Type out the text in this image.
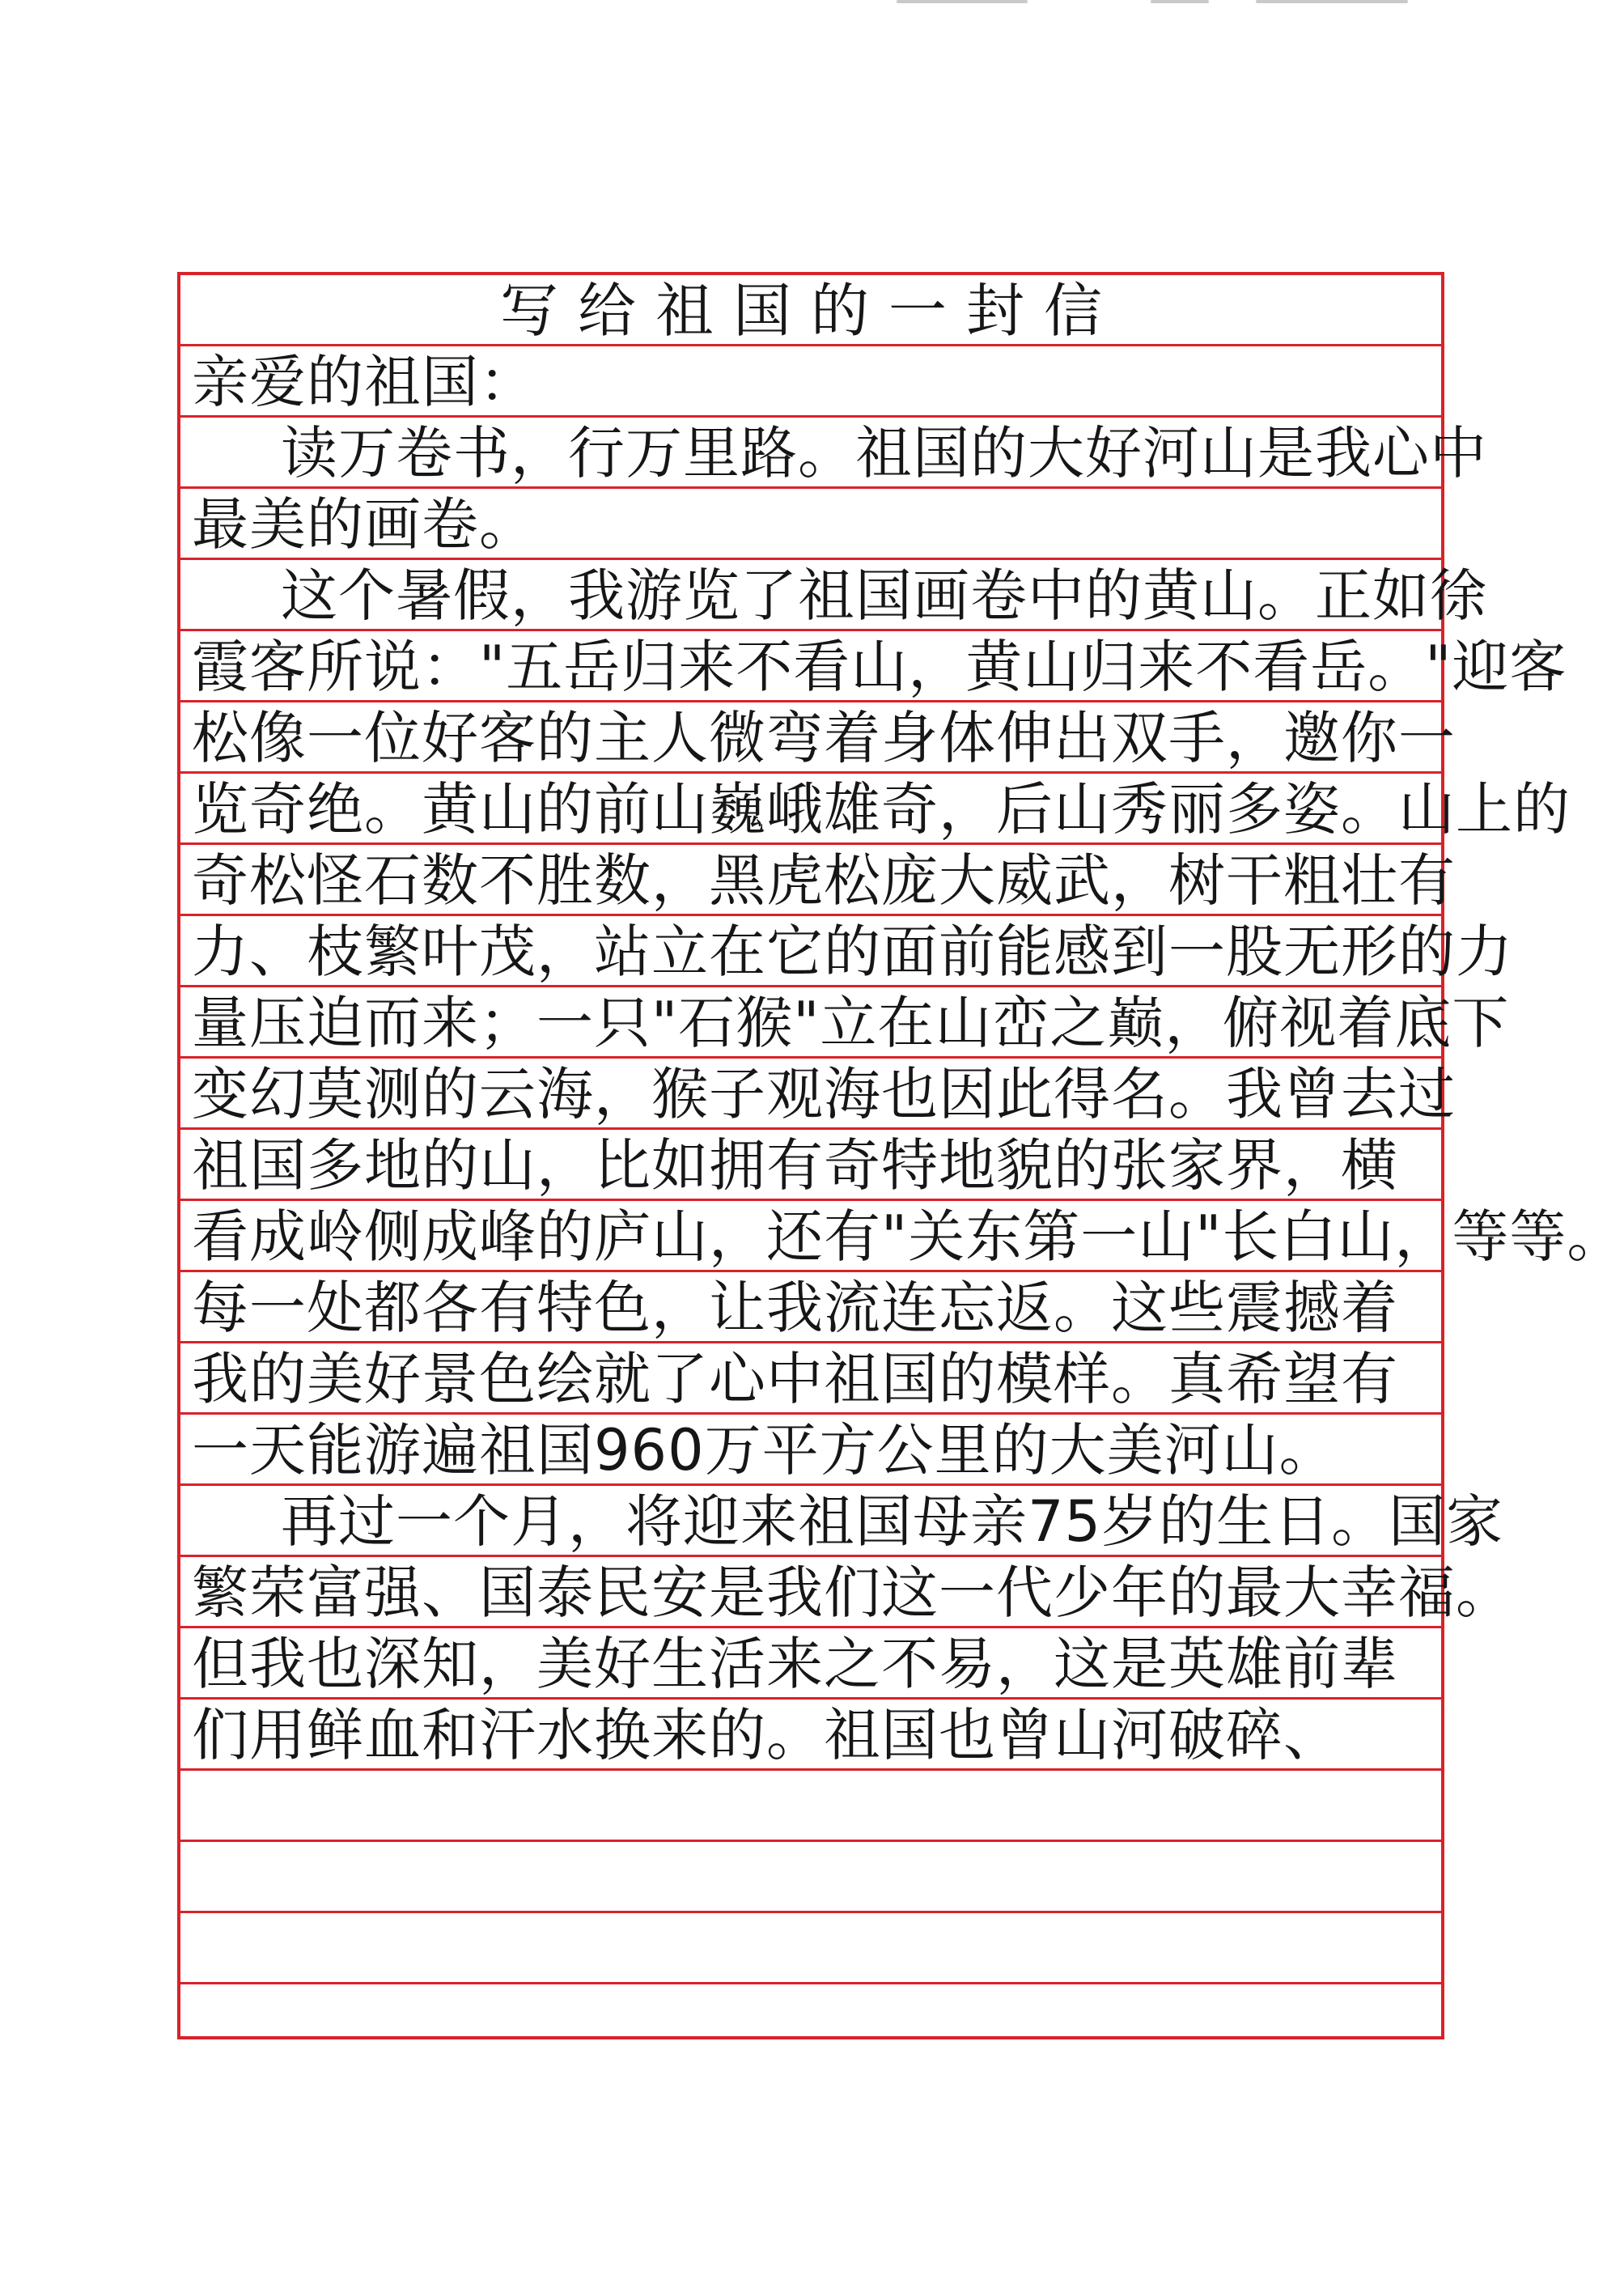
写给祖国的一封信
亲爱的祖国：
读万卷书，行万里路。祖国的大好河山是我心中
最美的画卷。
这个暑假，我游览了祖国画卷中的黄山。正如徐
霞客所说："五岳归来不看山，黄山归来不看岳。"迎客
松像一位好客的主人微弯着身体伸出双手，邀你一
览奇绝。黄山的前山巍峨雄奇，后山秀丽多姿。山上的
奇松怪石数不胜数，黑虎松庞大威武，树干粗壮有
力、枝繁叶茂，站立在它的面前能感到一股无形的力
量压迫而来；一只"石猴"立在山峦之巅，俯视着底下
变幻莫测的云海，猴子观海也因此得名。我曾去过
祖国多地的山，比如拥有奇特地貌的张家界，横
看成岭侧成峰的庐山，还有"关东第一山"长白山，等等。
每一处都各有特色，让我流连忘返。这些震撼着
我的美好景色绘就了心中祖国的模样。真希望有
一天能游遍祖国960万平方公里的大美河山。
再过一个月，将迎来祖国母亲75岁的生日。国家
繁荣富强、国泰民安是我们这一代少年的最大幸福。
但我也深知，美好生活来之不易，这是英雄前辈
们用鲜血和汗水换来的。祖国也曾山河破碎、
